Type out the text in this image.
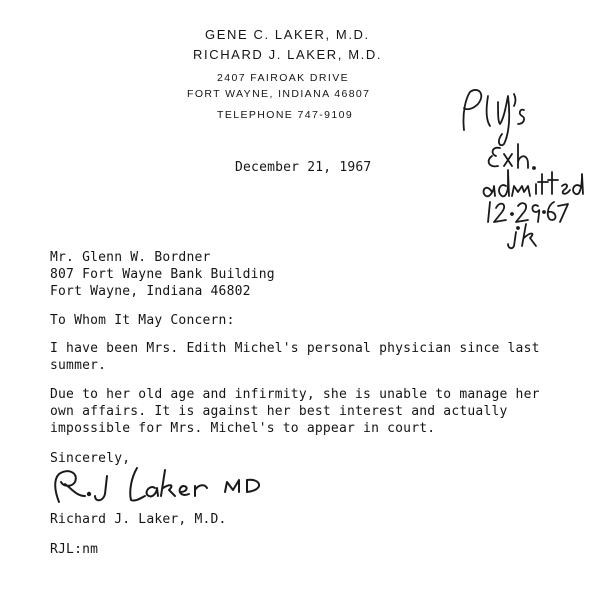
GENE C. LAKER, M.D.
RICHARD J. LAKER, M.D.
2407 FAIROAK DRIVE
FORT WAYNE, INDIANA 46807
TELEPHONE 747-9109
December 21, 1967
Mr. Glenn W. Bordner
807 Fort Wayne Bank Building
Fort Wayne, Indiana 46802
To Whom It May Concern:
I have been Mrs. Edith Michel's personal physician since last
summer.
Due to her old age and infirmity, she is unable to manage her
own affairs. It is against her best interest and actually
impossible for Mrs. Michel's to appear in court.
Sincerely,
Richard J. Laker, M.D.
RJL:nm
